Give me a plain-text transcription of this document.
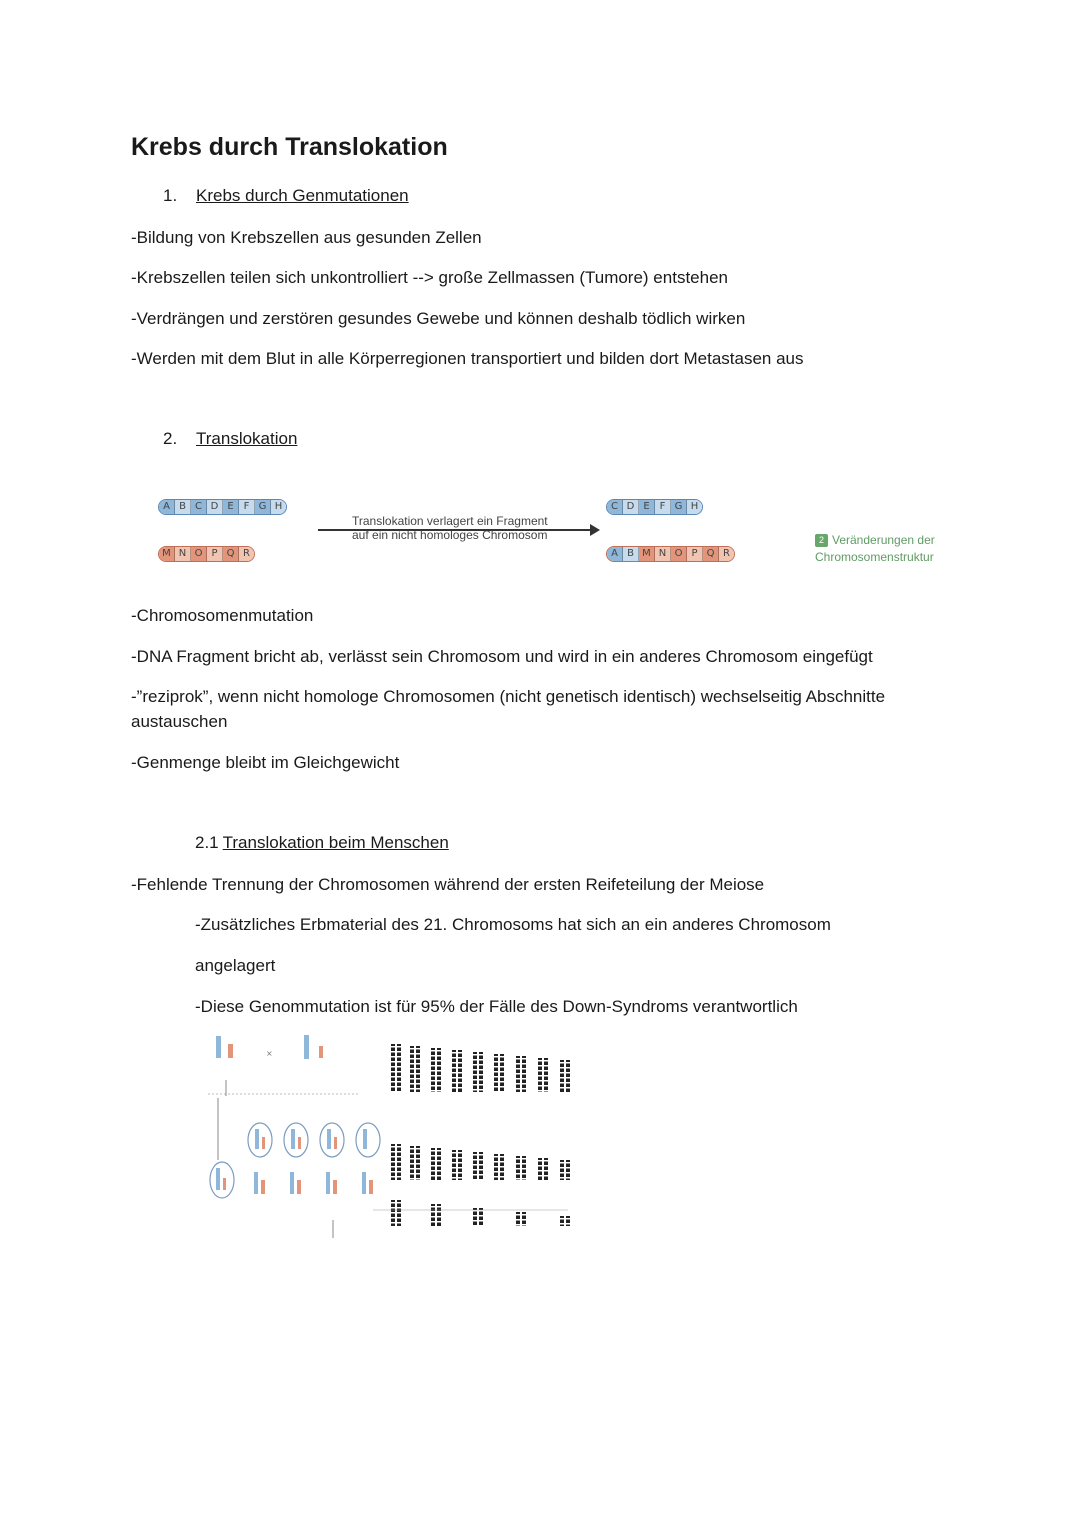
Krebs durch Translokation
1. Krebs durch Genmutationen
-Bildung von Krebszellen aus gesunden Zellen
-Krebszellen teilen sich unkontrolliert --> große Zellmassen (Tumore) entstehen
-Verdrängen und zerstören gesundes Gewebe und können deshalb tödlich wirken
-Werden mit dem Blut in alle Körperregionen transportiert und bilden dort Metastasen aus
2. Translokation
A B C D E F G H
M N O P Q R
Translokation verlagert ein Fragment
auf ein nicht homologes Chromosom
C D E F G H
A B M N O P Q R
2 Veränderungen der
Chromosomenstruktur
-Chromosomenmutation
-DNA Fragment bricht ab, verlässt sein Chromosom und wird in ein anderes Chromosom eingefügt
-”reziprok”, wenn nicht homologe Chromosomen (nicht genetisch identisch) wechselseitig Abschnitte austauschen
-Genmenge bleibt im Gleichgewicht
2.1 Translokation beim Menschen
-Fehlende Trennung der Chromosomen während der ersten Reifeteilung der Meiose
-Zusätzliches Erbmaterial des 21. Chromosoms hat sich an ein anderes Chromosom
angelagert
-Diese Genommutation ist für 95% der Fälle des Down-Syndroms verantwortlich
×
